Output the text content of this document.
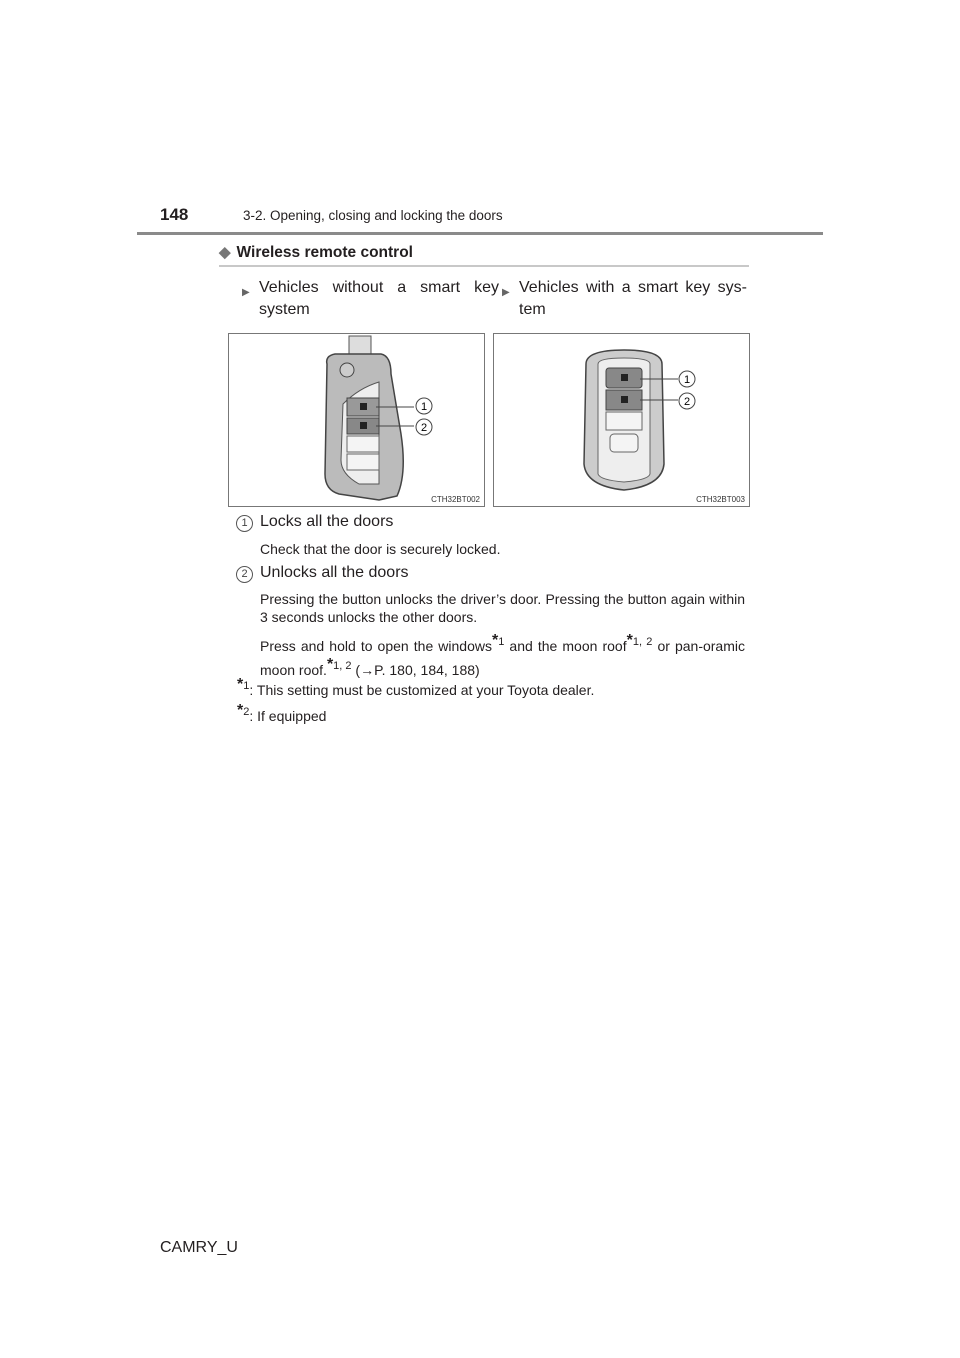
148	3-2. Opening, closing and locking the doors
◆ Wireless remote control
▶ Vehicles without a smart key system
▶ Vehicles with a smart key sys- tem
1
2
CTH32BT002
1
2
CTH32BT003
1 Locks all the doors
Check that the door is securely locked.
2 Unlocks all the doors
Pressing the button unlocks the driver’s door. Pressing the button again within 3 seconds unlocks the other doors.
Press and hold to open the windows$^{*1}$ and the moon roof$^{*1, 2}$ or pan-oramic moon roof.$^{*1, 2}$ (→P. 180, 184, 188)
$^{*1}$: This setting must be customized at your Toyota dealer.
$^{*2}$: If equipped
CAMRY_U
